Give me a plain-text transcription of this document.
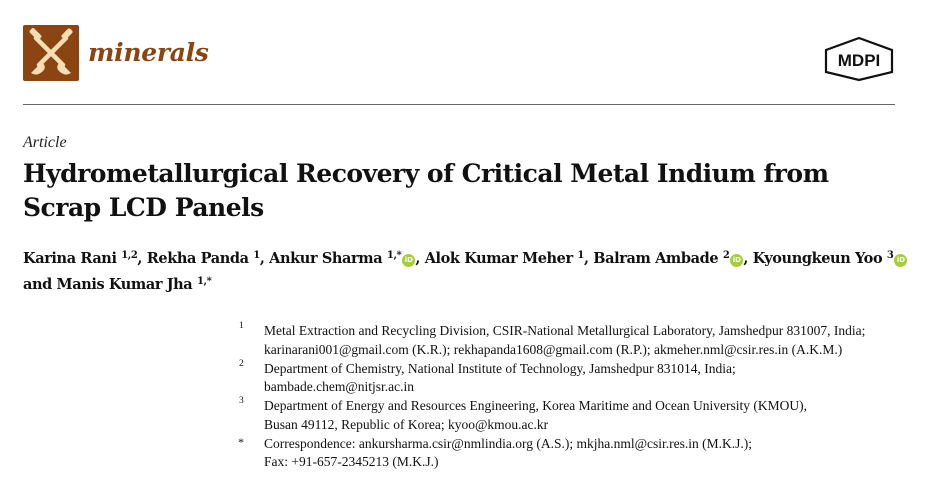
minerals	MDPI
Article
Hydrometallurgical Recovery of Critical Metal Indium from
Scrap LCD Panels
Karina Rani $^{1,2}$, Rekha Panda $^1$, Ankur Sharma $^{1,*}$ iD , Alok Kumar Meher $^1$, Balram Ambade $^2$ iD , Kyoungkeun Yoo $^3$ iD
and Manis Kumar Jha $^{1,*}$
1 Metal Extraction and Recycling Division, CSIR-National Metallurgical Laboratory, Jamshedpur 831007, India;
karinarani001@gmail.com (K.R.); rekhapanda1608@gmail.com (R.P.); akmeher.nml@csir.res.in (A.K.M.)
2 Department of Chemistry, National Institute of Technology, Jamshedpur 831014, India;
bambade.chem@nitjsr.ac.in
3 Department of Energy and Resources Engineering, Korea Maritime and Ocean University (KMOU),
Busan 49112, Republic of Korea; kyoo@kmou.ac.kr
* Correspondence: ankursharma.csir@nmlindia.org (A.S.); mkjha.nml@csir.res.in (M.K.J.);
Fax: +91-657-2345213 (M.K.J.)
